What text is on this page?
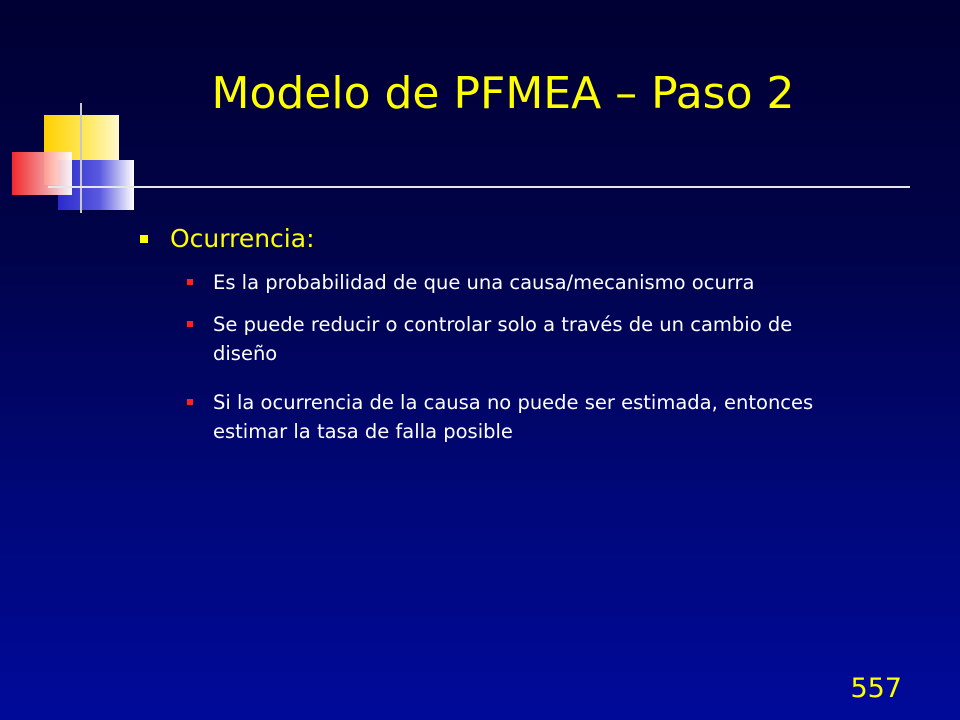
Modelo de PFMEA – Paso 2
Ocurrencia:
Es la probabilidad de que una causa/mecanismo ocurra
Se puede reducir o controlar solo a través de un cambio de diseño
Si la ocurrencia de la causa no puede ser estimada, entonces estimar la tasa de falla posible
557
